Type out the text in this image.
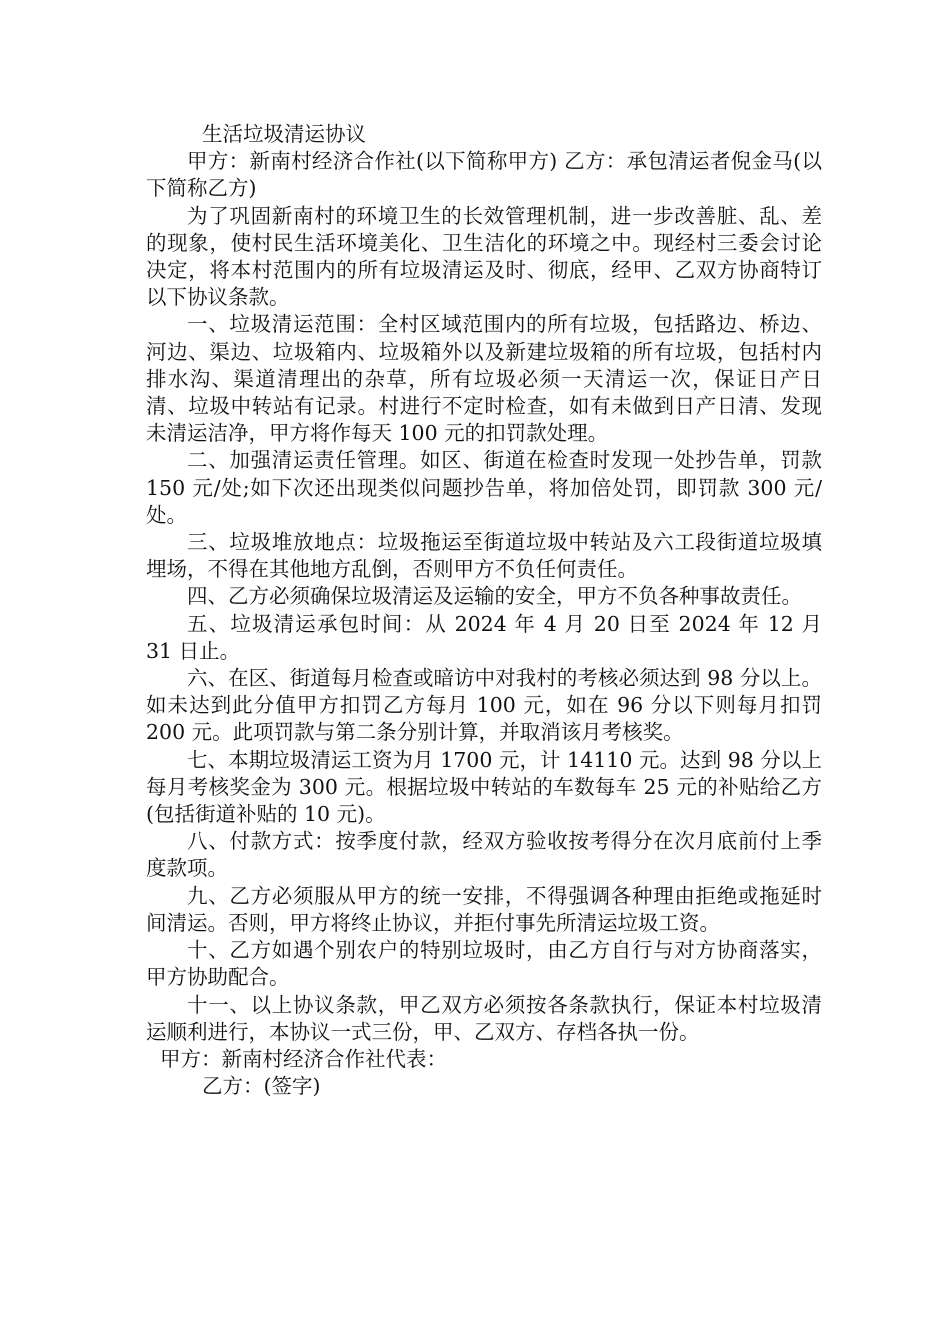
生活垃圾清运协议

甲方：新南村经济合作社(以下简称甲方) 乙方：承包清运者倪金马(以下简称乙方)

为了巩固新南村的环境卫生的长效管理机制，进一步改善脏、乱、差的现象，使村民生活环境美化、卫生洁化的环境之中。现经村三委会讨论决定，将本村范围内的所有垃圾清运及时、彻底，经甲、乙双方协商特订以下协议条款。

一、垃圾清运范围：全村区域范围内的所有垃圾，包括路边、桥边、河边、渠边、垃圾箱内、垃圾箱外以及新建垃圾箱的所有垃圾，包括村内排水沟、渠道清理出的杂草，所有垃圾必须一天清运一次，保证日产日清、垃圾中转站有记录。村进行不定时检查，如有未做到日产日清、发现未清运洁净，甲方将作每天 100 元的扣罚款处理。

二、加强清运责任管理。如区、街道在检查时发现一处抄告单，罚款 150 元/处;如下次还出现类似问题抄告单，将加倍处罚，即罚款 300 元/处。

三、垃圾堆放地点：垃圾拖运至街道垃圾中转站及六工段街道垃圾填埋场，不得在其他地方乱倒，否则甲方不负任何责任。

四、乙方必须确保垃圾清运及运输的安全，甲方不负各种事故责任。

五、垃圾清运承包时间：从 2024 年 4 月 20 日至 2024 年 12 月 31 日止。

六、在区、街道每月检查或暗访中对我村的考核必须达到 98 分以上。如未达到此分值甲方扣罚乙方每月 100 元，如在 96 分以下则每月扣罚 200 元。此项罚款与第二条分别计算，并取消该月考核奖。

七、本期垃圾清运工资为月 1700 元，计 14110 元。达到 98 分以上每月考核奖金为 300 元。根据垃圾中转站的车数每车 25 元的补贴给乙方(包括街道补贴的 10 元)。

八、付款方式：按季度付款，经双方验收按考得分在次月底前付上季度款项。

九、乙方必须服从甲方的统一安排，不得强调各种理由拒绝或拖延时间清运。否则，甲方将终止协议，并拒付事先所清运垃圾工资。

十、乙方如遇个别农户的特别垃圾时，由乙方自行与对方协商落实，甲方协助配合。

十一、以上协议条款，甲乙双方必须按各条款执行，保证本村垃圾清运顺利进行，本协议一式三份，甲、乙双方、存档各执一份。

甲方：新南村经济合作社代表：

乙方：(签字)
